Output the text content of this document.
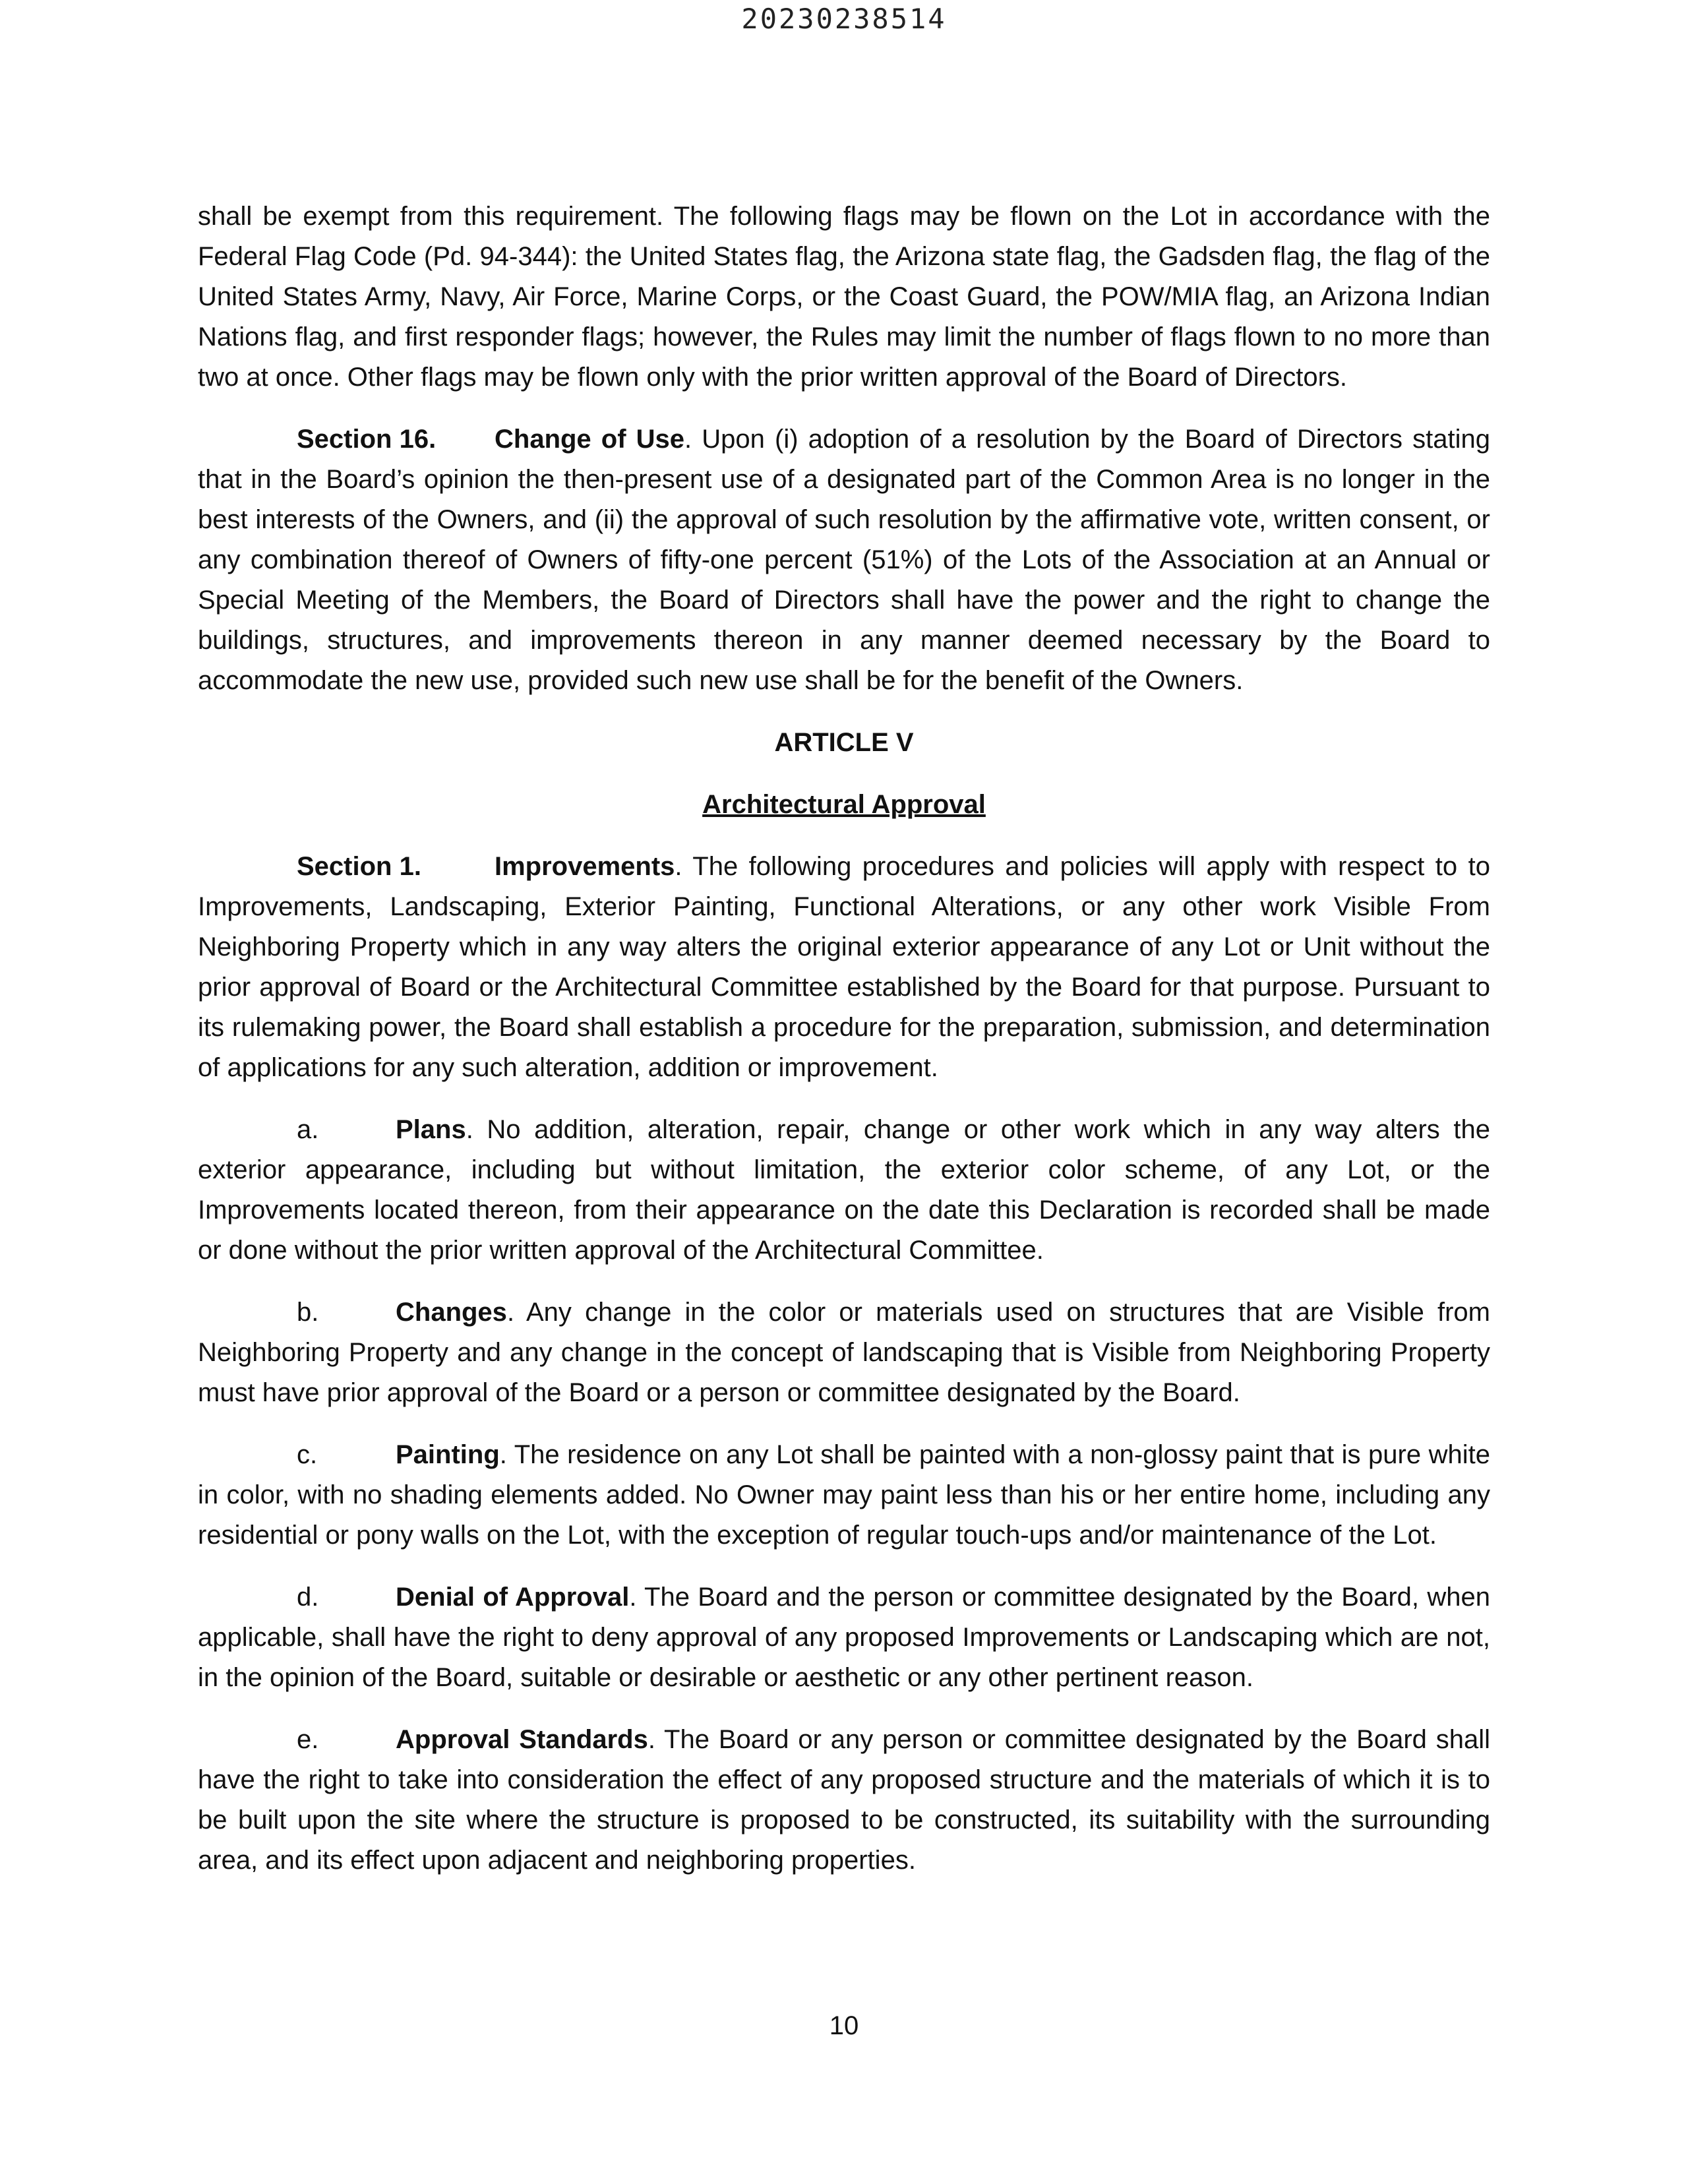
20230238514

shall be exempt from this requirement. The following flags may be flown on the Lot in accordance with the Federal Flag Code (Pd. 94-344): the United States flag, the Arizona state flag, the Gadsden flag, the flag of the United States Army, Navy, Air Force, Marine Corps, or the Coast Guard, the POW/MIA flag, an Arizona Indian Nations flag, and first responder flags; however, the Rules may limit the number of flags flown to no more than two at once. Other flags may be flown only with the prior written approval of the Board of Directors.

Section 16. Change of Use. Upon (i) adoption of a resolution by the Board of Directors stating that in the Board’s opinion the then-present use of a designated part of the Common Area is no longer in the best interests of the Owners, and (ii) the approval of such resolution by the affirmative vote, written consent, or any combination thereof of Owners of fifty-one percent (51%) of the Lots of the Association at an Annual or Special Meeting of the Members, the Board of Directors shall have the power and the right to change the buildings, structures, and improvements thereon in any manner deemed necessary by the Board to accommodate the new use, provided such new use shall be for the benefit of the Owners.

ARTICLE V

Architectural Approval

Section 1.	Improvements. The following procedures and policies will apply with respect to to Improvements, Landscaping, Exterior Painting, Functional Alterations, or any other work Visible From Neighboring Property which in any way alters the original exterior appearance of any Lot or Unit without the prior approval of Board or the Architectural Committee established by the Board for that purpose. Pursuant to its rulemaking power, the Board shall establish a procedure for the preparation, submission, and determination of applications for any such alteration, addition or improvement.

a.	Plans. No addition, alteration, repair, change or other work which in any way alters the exterior appearance, including but without limitation, the exterior color scheme, of any Lot, or the Improvements located thereon, from their appearance on the date this Declaration is recorded shall be made or done without the prior written approval of the Architectural Committee.

b.	Changes. Any change in the color or materials used on structures that are Visible from Neighboring Property and any change in the concept of landscaping that is Visible from Neighboring Property must have prior approval of the Board or a person or committee designated by the Board.

c.	Painting. The residence on any Lot shall be painted with a non-glossy paint that is pure white in color, with no shading elements added. No Owner may paint less than his or her entire home, including any residential or pony walls on the Lot, with the exception of regular touch-ups and/or maintenance of the Lot.

d.	Denial of Approval. The Board and the person or committee designated by the Board, when applicable, shall have the right to deny approval of any proposed Improvements or Landscaping which are not, in the opinion of the Board, suitable or desirable or aesthetic or any other pertinent reason.

e.	Approval Standards. The Board or any person or committee designated by the Board shall have the right to take into consideration the effect of any proposed structure and the materials of which it is to be built upon the site where the structure is proposed to be constructed, its suitability with the surrounding area, and its effect upon adjacent and neighboring properties.

10
